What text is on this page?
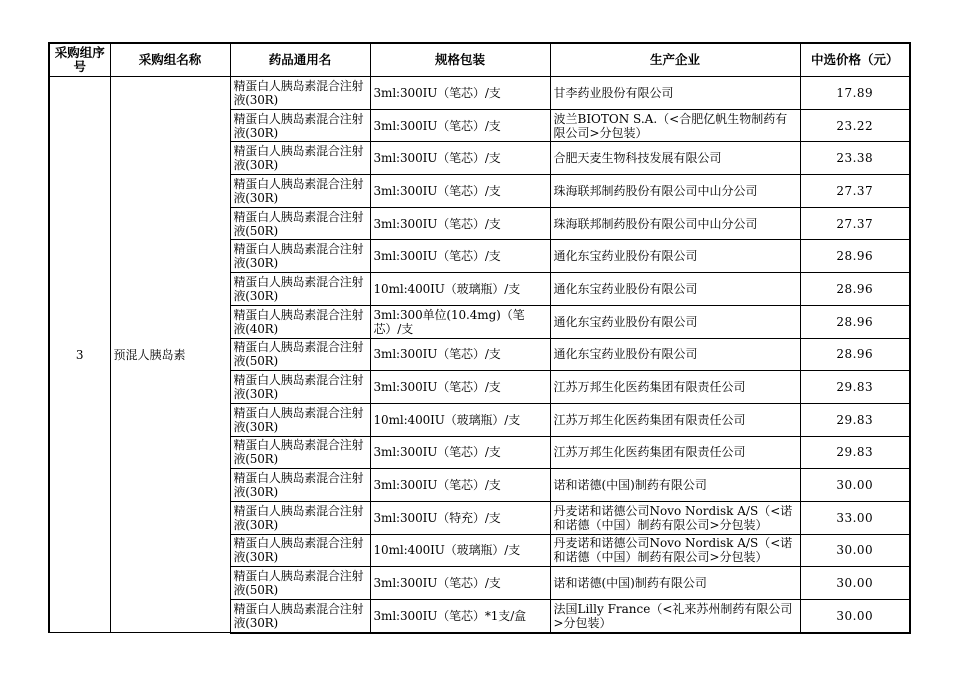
采购组序号	采购组名称	药品通用名	规格包装	生产企业	中选价格（元）
3	预混人胰岛素	精蛋白人胰岛素混合注射液(30R)	3ml:300IU（笔芯）/支	甘李药业股份有限公司	17.89
		精蛋白人胰岛素混合注射液(30R)	3ml:300IU（笔芯）/支	波兰BIOTON S.A.（<合肥亿帆生物制药有限公司>分包装）	23.22
		精蛋白人胰岛素混合注射液(30R)	3ml:300IU（笔芯）/支	合肥天麦生物科技发展有限公司	23.38
		精蛋白人胰岛素混合注射液(30R)	3ml:300IU（笔芯）/支	珠海联邦制药股份有限公司中山分公司	27.37
		精蛋白人胰岛素混合注射液(50R)	3ml:300IU（笔芯）/支	珠海联邦制药股份有限公司中山分公司	27.37
		精蛋白人胰岛素混合注射液(30R)	3ml:300IU（笔芯）/支	通化东宝药业股份有限公司	28.96
		精蛋白人胰岛素混合注射液(30R)	10ml:400IU（玻璃瓶）/支	通化东宝药业股份有限公司	28.96
		精蛋白人胰岛素混合注射液(40R)	3ml:300单位(10.4mg)（笔芯）/支	通化东宝药业股份有限公司	28.96
		精蛋白人胰岛素混合注射液(50R)	3ml:300IU（笔芯）/支	通化东宝药业股份有限公司	28.96
		精蛋白人胰岛素混合注射液(30R)	3ml:300IU（笔芯）/支	江苏万邦生化医药集团有限责任公司	29.83
		精蛋白人胰岛素混合注射液(30R)	10ml:400IU（玻璃瓶）/支	江苏万邦生化医药集团有限责任公司	29.83
		精蛋白人胰岛素混合注射液(50R)	3ml:300IU（笔芯）/支	江苏万邦生化医药集团有限责任公司	29.83
		精蛋白人胰岛素混合注射液(30R)	3ml:300IU（笔芯）/支	诺和诺德(中国)制药有限公司	30.00
		精蛋白人胰岛素混合注射液(30R)	3ml:300IU（特充）/支	丹麦诺和诺德公司Novo Nordisk A/S（<诺和诺德（中国）制药有限公司>分包装）	33.00
		精蛋白人胰岛素混合注射液(30R)	10ml:400IU（玻璃瓶）/支	丹麦诺和诺德公司Novo Nordisk A/S（<诺和诺德（中国）制药有限公司>分包装）	30.00
		精蛋白人胰岛素混合注射液(50R)	3ml:300IU（笔芯）/支	诺和诺德(中国)制药有限公司	30.00
		精蛋白人胰岛素混合注射液(30R)	3ml:300IU（笔芯）*1支/盒	法国Lilly France（<礼来苏州制药有限公司>分包装）	30.00
